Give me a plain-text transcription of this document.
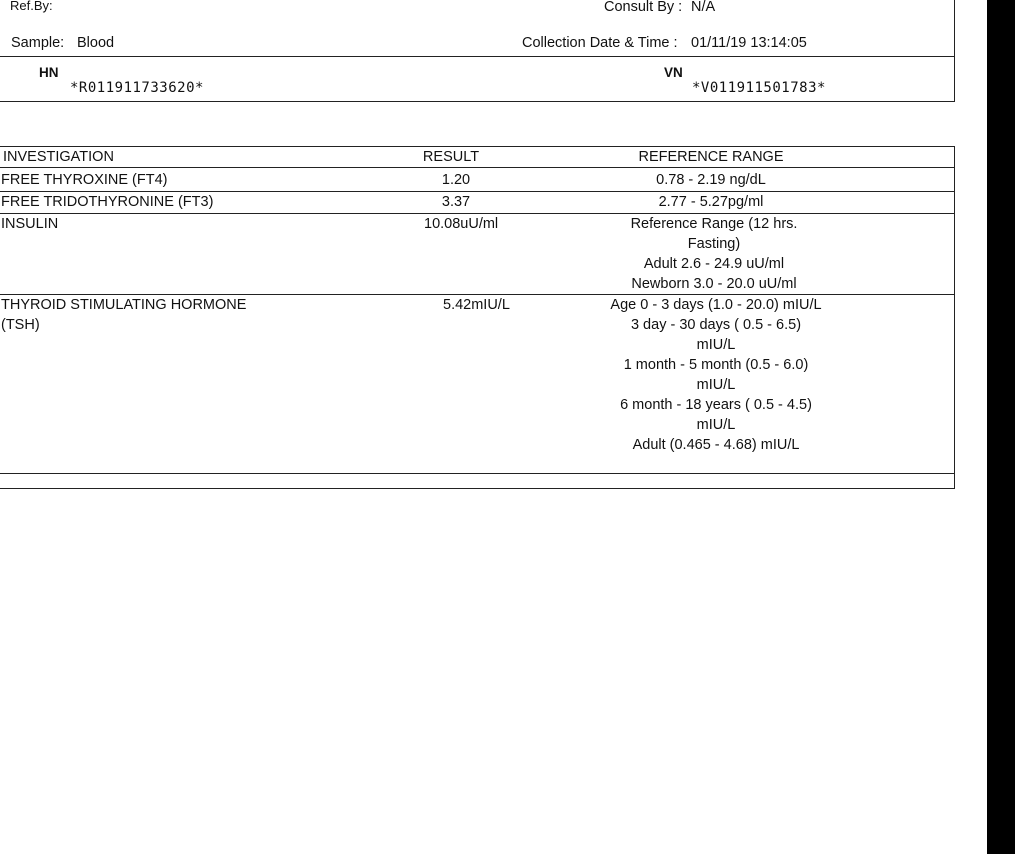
Ref.By:	Consult By : N/A
Sample: Blood	Collection Date & Time : 01/11/19 13:14:05
HN
*R011911733620*
VN
*V011911501783*
INVESTIGATION	RESULT	REFERENCE RANGE
FREE THYROXINE (FT4)	1.20	0.78 - 2.19 ng/dL
FREE TRIDOTHYRONINE (FT3)	3.37	2.77 - 5.27pg/ml
INSULIN	10.08uU/ml	Reference Range (12 hrs.
Fasting)
Adult 2.6 - 24.9 uU/ml
Newborn 3.0 - 20.0 uU/ml
THYROID STIMULATING HORMONE
(TSH)
5.42mIU/L	Age 0 - 3 days (1.0 - 20.0) mIU/L
3 day - 30 days ( 0.5 - 6.5)
mIU/L
1 month - 5 month (0.5 - 6.0)
mIU/L
6 month - 18 years ( 0.5 - 4.5)
mIU/L
Adult (0.465 - 4.68) mIU/L
